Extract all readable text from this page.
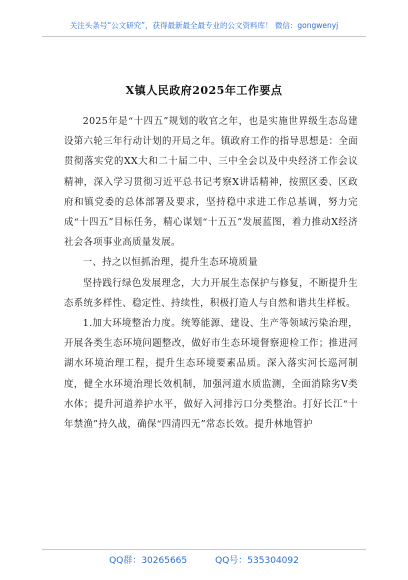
关注头条号“公文研究”，获得最新最全最专业的公文资料库！ 微信：gongwenyj
X镇人民政府2025年工作要点

2025年是“十四五”规划的收官之年，也是实施世界级生态岛建设第六轮三年行动计划的开局之年。镇政府工作的指导思想是：全面贯彻落实党的XX大和二十届二中、三中全会以及中央经济工作会议精神，深入学习贯彻习近平总书记考察X讲话精神，按照区委、区政府和镇党委的总体部署及要求，坚持稳中求进工作总基调，努力完成“十四五”目标任务，精心谋划“十五五”发展蓝图，着力推动X经济社会各项事业高质量发展。

一、持之以恒抓治理，提升生态环境质量

坚持践行绿色发展理念，大力开展生态保护与修复，不断提升生态系统多样性、稳定性、持续性，积极打造人与自然和谐共生样板。

1.加大环境整治力度。统筹能源、建设、生产等领域污染治理，开展各类生态环境问题整改，做好市生态环境督察迎检工作；推进河湖水环境治理工程，提升生态环境要素品质。深入落实河长巡河制度，健全水环境治理长效机制，加强河道水质监测，全面消除劣V类水体；提升河道养护水平，做好入河排污口分类整治。打好长江“十年禁渔”持久战，确保“四清四无”常态长效。提升林地管护

QQ群：30265665	QQ号：535304092
